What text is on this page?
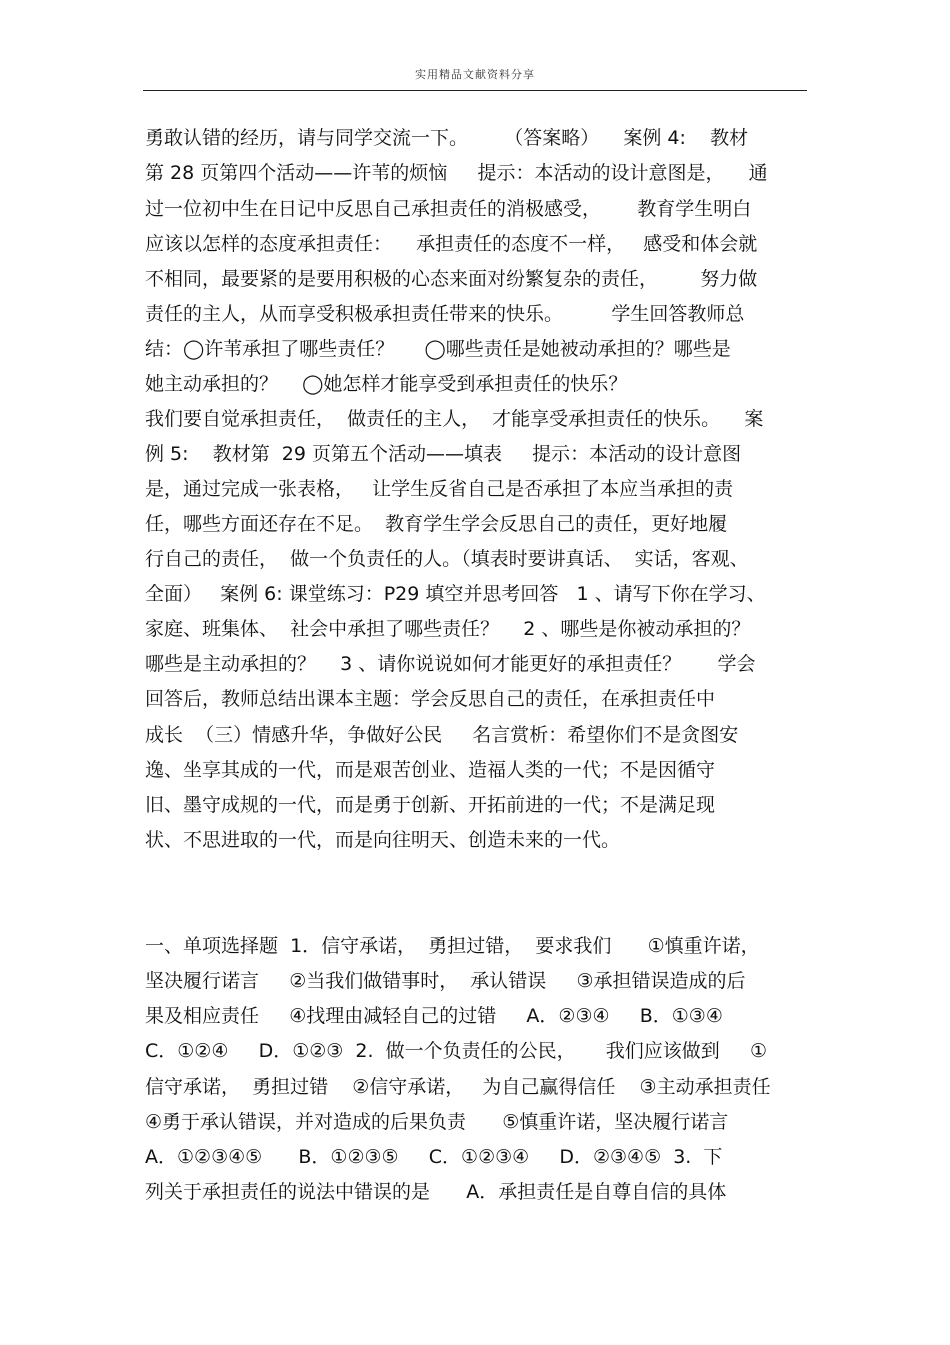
实用精品文献资料分享
勇敢认错的经历，请与同学交流一下。      （答案略）    案例 4:    教材
第 28 页第四个活动——许苇的烦恼     提示：本活动的设计意图是，    通
过一位初中生在日记中反思自己承担责任的消极感受，      教育学生明白
应该以怎样的态度承担责任：    承担责任的态度不一样，   感受和体会就
不相同，最要紧的是要用积极的心态来面对纷繁复杂的责任，       努力做
责任的主人，从而享受积极承担责任带来的快乐。        学生回答教师总
结：◯许苇承担了哪些责任？     ◯哪些责任是她被动承担的？哪些是
她主动承担的？    ◯她怎样才能享受到承担责任的快乐？
我们要自觉承担责任，  做责任的主人，  才能享受承担责任的快乐。    案
例 5:    教材第  29 页第五个活动——填表     提示：本活动的设计意图
是，通过完成一张表格，   让学生反省自己是否承担了本应当承担的责
任，哪些方面还存在不足。  教育学生学会反思自己的责任，更好地履
行自己的责任，  做一个负责任的人。（填表时要讲真话、  实话，客观、
全面）   案例 6: 课堂练习：P29 填空并思考回答   1 、请写下你在学习、
家庭、班集体、  社会中承担了哪些责任？    2 、哪些是你被动承担的？
哪些是主动承担的？    3 、请你说说如何才能更好的承担责任？      学会
回答后，教师总结出课本主题：学会反思自己的责任，在承担责任中
成长  （三）情感升华，争做好公民     名言赏析：希望你们不是贪图安
逸、坐享其成的一代，而是艰苦创业、造福人类的一代；不是因循守
旧、墨守成规的一代，而是勇于创新、开拓前进的一代；不是满足现
状、不思进取的一代，而是向往明天、创造未来的一代。
一、单项选择题  1．信守承诺，  勇担过错，  要求我们      ①慎重许诺，
坚决履行诺言     ②当我们做错事时，  承认错误     ③承担错误造成的后
果及相应责任     ④找理由减轻自己的过错     A．②③④     B．①③④
C．①②④     D．①②③  2.  做一个负责任的公民，     我们应该做到     ①
信守承诺，  勇担过错    ②信守承诺，   为自己赢得信任    ③主动承担责任
④勇于承认错误，并对造成的后果负责      ⑤慎重许诺，坚决履行诺言
A．①②③④⑤      B．①②③⑤     C．①②③④     D．②③④⑤  3.  下
列关于承担责任的说法中错误的是      A．承担责任是自尊自信的具体
